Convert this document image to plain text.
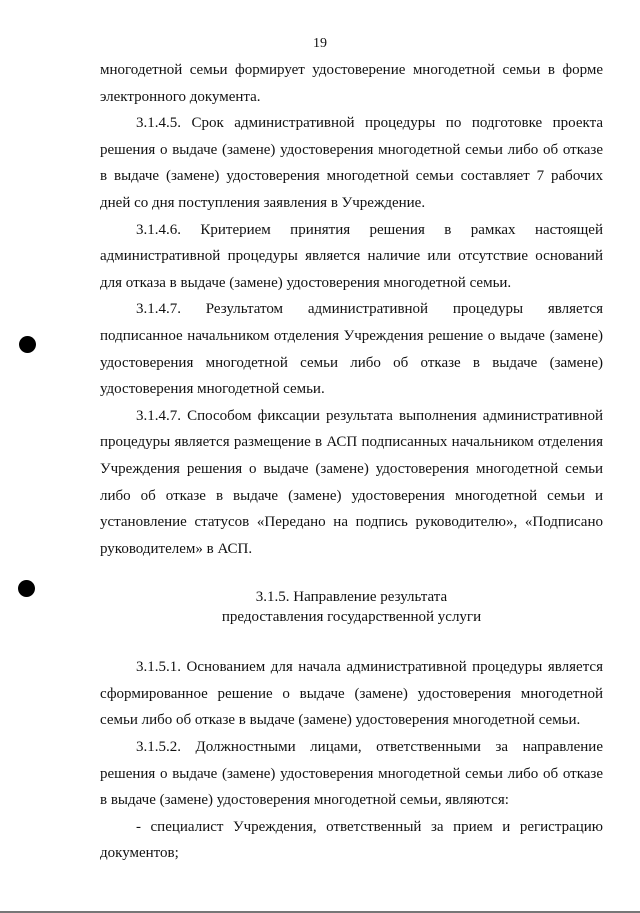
19

многодетной семьи формирует удостоверение многодетной семьи в форме электронного документа.

3.1.4.5. Срок административной процедуры по подготовке проекта решения о выдаче (замене) удостоверения многодетной семьи либо об отказе в выдаче (замене) удостоверения многодетной семьи составляет 7 рабочих дней со дня поступления заявления в Учреждение.

3.1.4.6. Критерием принятия решения в рамках настоящей административной процедуры является наличие или отсутствие оснований для отказа в выдаче (замене) удостоверения многодетной семьи.

3.1.4.7. Результатом административной процедуры является подписанное начальником отделения Учреждения решение о выдаче (замене) удостоверения многодетной семьи либо об отказе в выдаче (замене) удостоверения многодетной семьи.

3.1.4.7. Способом фиксации результата выполнения административной процедуры является размещение в АСП подписанных начальником отделения Учреждения решения о выдаче (замене) удостоверения многодетной семьи либо об отказе в выдаче (замене) удостоверения многодетной семьи и установление статусов «Передано на подпись руководителю», «Подписано руководителем» в АСП.

3.1.5. Направление результата
предоставления государственной услуги

3.1.5.1. Основанием для начала административной процедуры является сформированное решение о выдаче (замене) удостоверения многодетной семьи либо об отказе в выдаче (замене) удостоверения многодетной семьи.

3.1.5.2. Должностными лицами, ответственными за направление решения о выдаче (замене) удостоверения многодетной семьи либо об отказе в выдаче (замене) удостоверения многодетной семьи, являются:

- специалист Учреждения, ответственный за прием и регистрацию документов;
